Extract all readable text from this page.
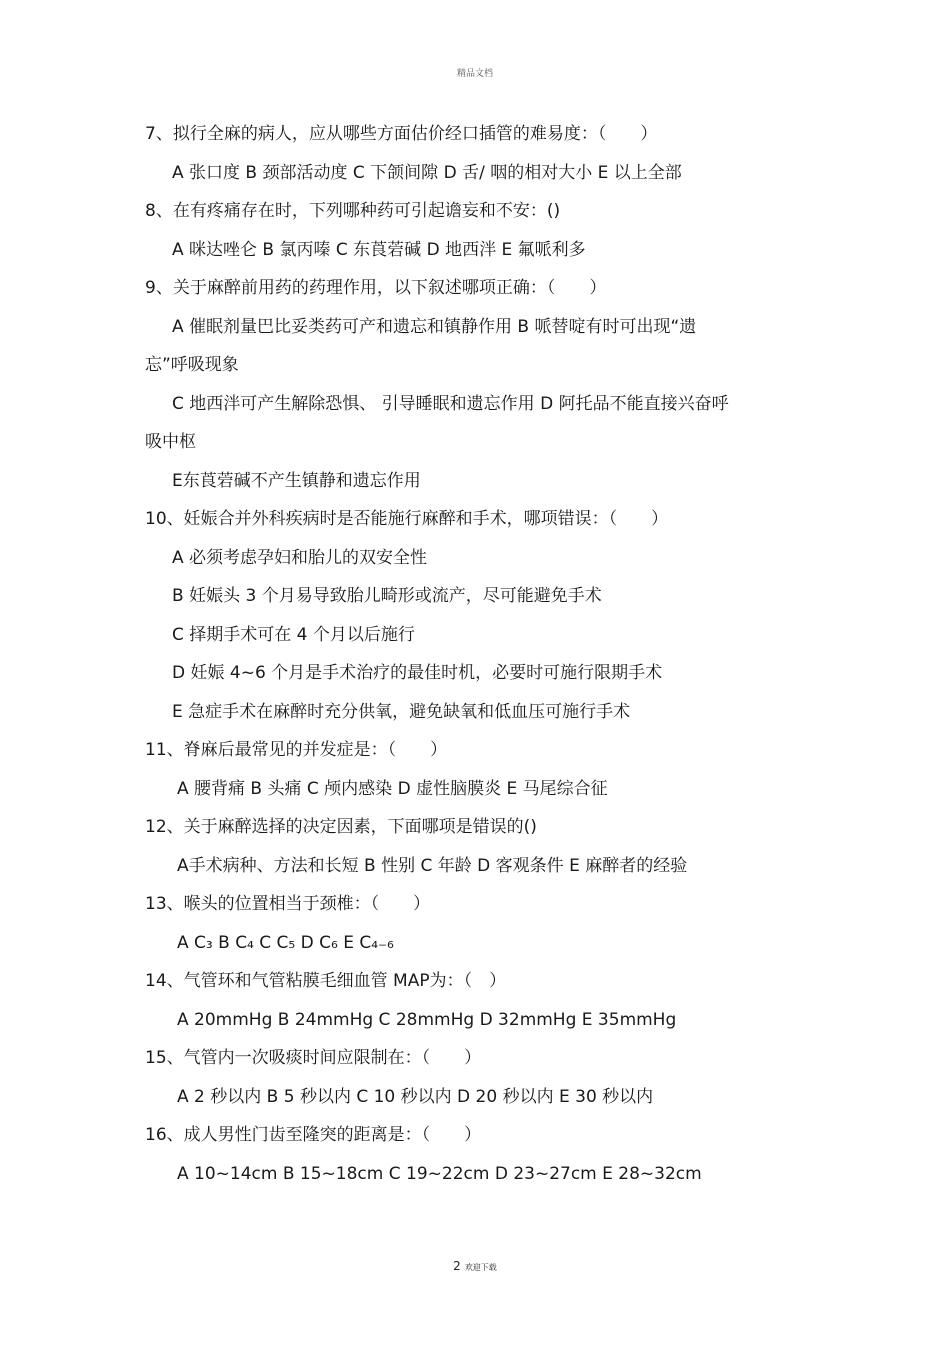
精品文档
7、拟行全麻的病人，应从哪些方面估价经口插管的难易度：（　　）
A 张口度 B 颈部活动度 C 下颌间隙 D 舌/ 咽的相对大小 E 以上全部
8、在有疼痛存在时，下列哪种药可引起谵妄和不安：()
A 咪达唑仑 B 氯丙嗪 C 东莨菪碱 D 地西泮 E 氟哌利多
9、关于麻醉前用药的药理作用，以下叙述哪项正确：（　　）
A 催眠剂量巴比妥类药可产和遗忘和镇静作用 B 哌替啶有时可出现“遗
忘”呼吸现象
C 地西泮可产生解除恐惧、 引导睡眠和遗忘作用 D 阿托品不能直接兴奋呼
吸中枢
E东莨菪碱不产生镇静和遗忘作用
10、妊娠合并外科疾病时是否能施行麻醉和手术，哪项错误：（　　）
A 必须考虑孕妇和胎儿的双安全性
B 妊娠头 3 个月易导致胎儿畸形或流产，尽可能避免手术
C 择期手术可在 4 个月以后施行
D 妊娠 4~6 个月是手术治疗的最佳时机，必要时可施行限期手术
E 急症手术在麻醉时充分供氧，避免缺氧和低血压可施行手术
11、脊麻后最常见的并发症是：（　　）
A 腰背痛 B 头痛 C 颅内感染 D 虚性脑膜炎 E 马尾综合征
12、关于麻醉选择的决定因素，下面哪项是错误的()
A手术病种、方法和长短 B 性别 C 年龄 D 客观条件 E 麻醉者的经验
13、喉头的位置相当于颈椎：（　　）
A C₃ B C₄ C C₅ D C₆ E C₄₋₆
14、气管环和气管粘膜毛细血管 MAP为：（　）
A 20mmHg B 24mmHg C 28mmHg D 32mmHg E 35mmHg
15、气管内一次吸痰时间应限制在：（　　）
A 2 秒以内 B 5 秒以内 C 10 秒以内 D 20 秒以内 E 30 秒以内
16、成人男性门齿至隆突的距离是：（　　）
A 10~14cm B 15~18cm C 19~22cm D 23~27cm E 28~32cm
2 欢迎下载
